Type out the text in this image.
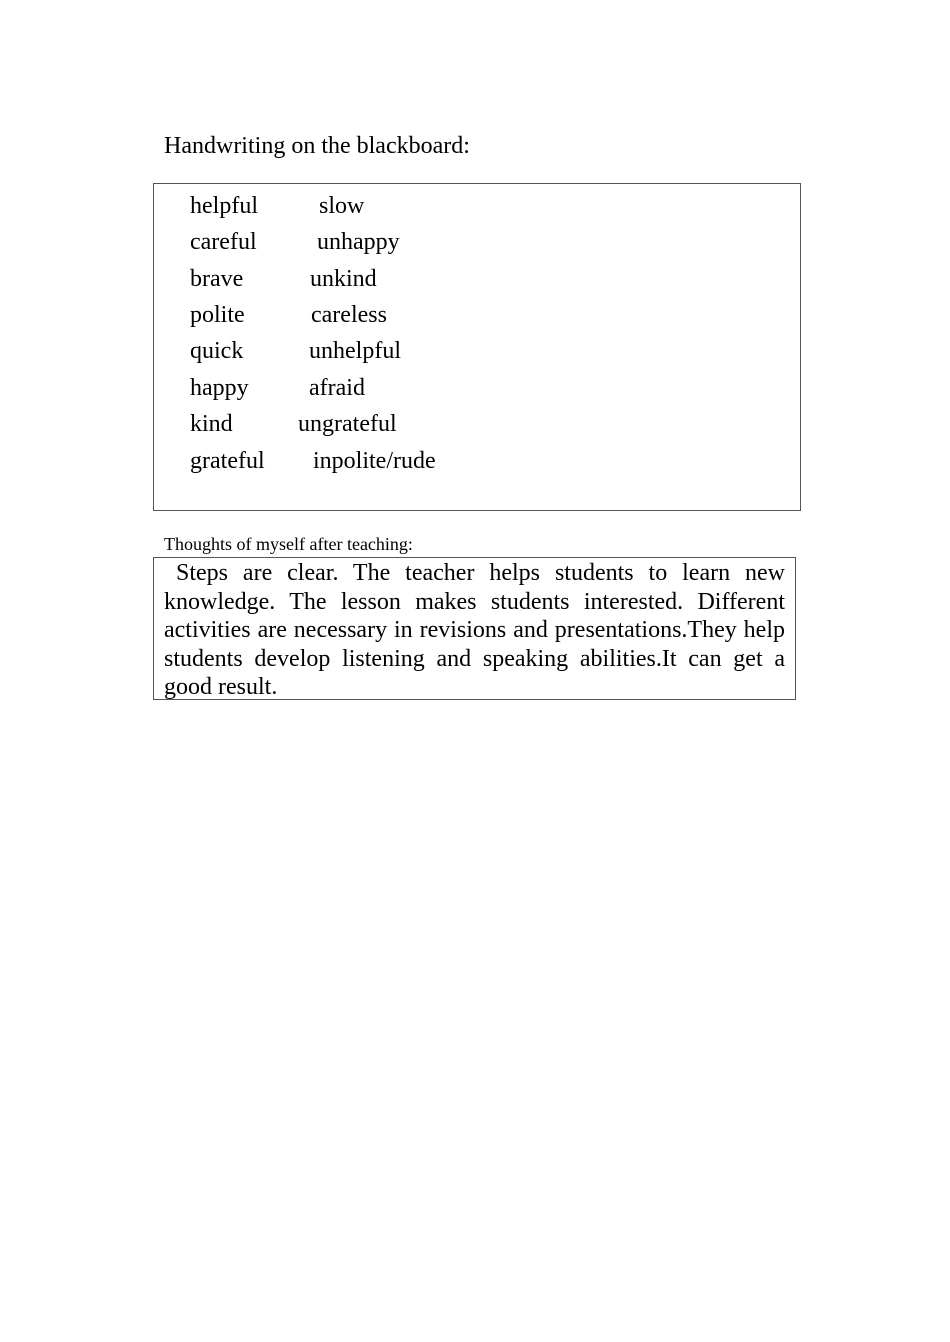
Handwriting on the blackboard:
helpful	slow
careful	unhappy
brave	unkind
polite	careless
quick	unhelpful
happy	afraid
kind	ungrateful
grateful inpolite/rude
Thoughts of myself after teaching:

Steps are clear. The teacher helps students to learn new knowledge. The lesson makes students interested. Different activities are necessary in revisions and presentations.They help students develop listening and speaking abilities.It can get a good result.
